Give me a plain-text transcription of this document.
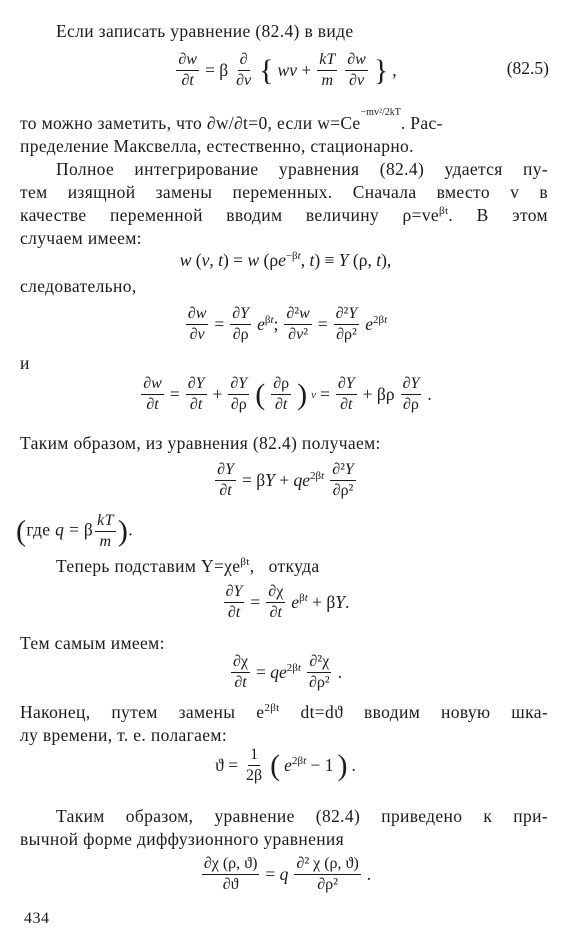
Если записать уравнение (82.4) в виде
$\frac{\partial w}{\partial t} = \beta \frac{\partial}{\partial v}$ { wv + $\frac{kT}{m} \frac{\partial w}{\partial v}$ } ,	(82.5)
то можно заметить, что ∂w/∂t=0, если $w=Ce^{-mv^2/2kT}$. Рас-
пределение Максвелла, естественно, стационарно.
Полное интегрирование уравнения (82.4) удается пу-
тем изящной замены переменных. Сначала вместо v в
качестве переменной вводим величину $\rho=ve^{\beta t}$. В этом
случаем имеем:
w (v, t) = w ($\rho e^{-\beta t}$, t) ≡ Y (ρ, t),
следовательно,
$\frac{\partial w}{\partial v} = \frac{\partial Y}{\partial\rho} e^{\beta t}$; $\frac{\text{∂²w}}{\text{∂v²}} = \frac{\text{∂²Y}}{\text{∂ρ²}} e^{2\beta t}$
и
$\frac{\partial w}{\partial t} = \frac{\partial Y}{\partial t} + \frac{\partial Y}{\partial\rho}$ ( $\frac{\partial\rho}{\partial t}$ ) $v = \frac{\partial Y}{\partial t} + \beta\rho \frac{\partial Y}{\partial\rho}$ .
Таким образом, из уравнения (82.4) получаем:
$\frac{\partial Y}{\partial t} = \beta Y + qe^{2\beta t} \frac{\text{∂²Y}}{\text{∂ρ²}}$
(где q = β $\frac{kT}{m}$ ).
Теперь подставим $Y=\chi e^{\beta t}$,   откуда
$\frac{\partial Y}{\partial t} = \frac{\partial\chi}{\partial t} e^{\beta t} + \beta Y$.
Тем самым имеем:
$\frac{\partial\chi}{\partial t} = qe^{2\beta t} \frac{\text{∂²χ}}{\text{∂ρ²}}$ .
Наконец, путем замены $e^{2\beta t}$ dt=dϑ вводим новую шка-
лу времени, т. е. полагаем:
$ϑ = \frac{1}{2\beta}$ ( $e^{2\beta t} - 1$ ) .
Таким образом, уравнение (82.4) приведено к при-
вычной форме диффузионного уравнения
$\frac{\partial\chi (\rho, ϑ)}{\partial ϑ} = q \frac{\text{∂² χ (ρ, ϑ)}}{\text{∂ρ²}}$ .
434
